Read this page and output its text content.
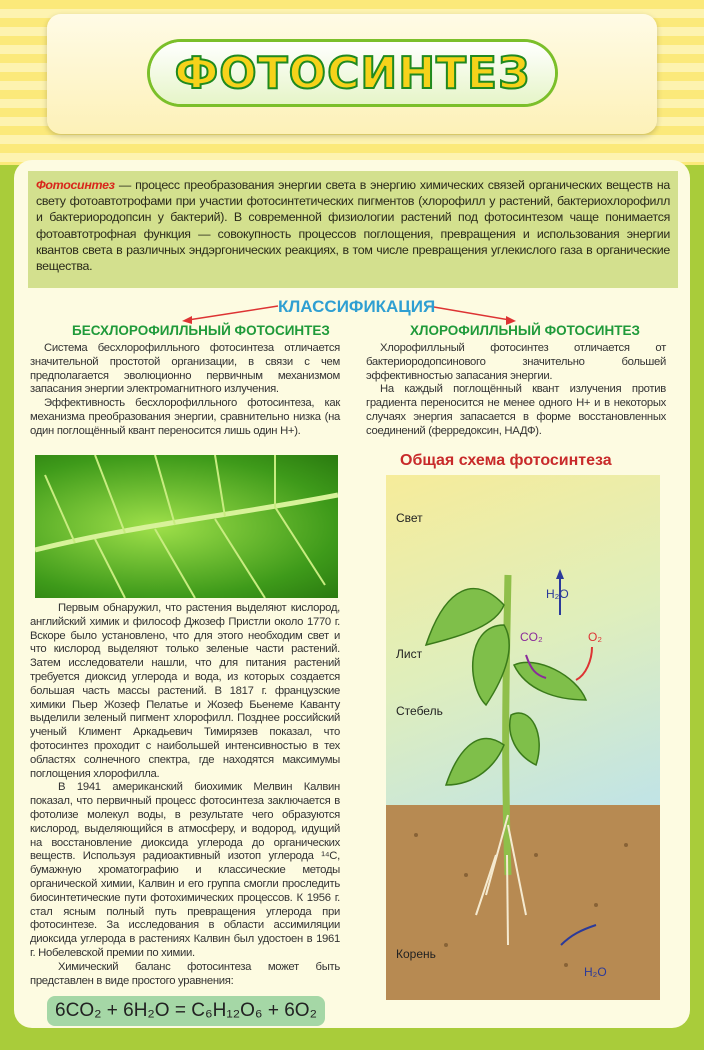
ФОТОСИНТЕЗ
Фотосинтез — процесс преобразования энергии света в энергию химических связей органических веществ на свету фотоавтотрофами при участии фотосинтетических пигментов (хлорофилл у растений, бактериохлорофилл и бактериородопсин у бактерий). В современной физиологии растений под фотосинтезом чаще понимается фотоавтотрофная функция — совокупность процессов поглощения, превращения и использования энергии квантов света в различных эндэргонических реакциях, в том числе превращения углекислого газа в органические вещества.
КЛАССИФИКАЦИЯ
БЕСХЛОРОФИЛЛЬНЫЙ ФОТОСИНТЕЗ

Система бесхлорофилльного фотосинтеза отличается значительной простотой организации, в связи с чем предполагается эволюционно первичным механизмом запасания энергии электромагнитного излучения.

Эффективность бесхлорофилльного фотосинтеза, как механизма преобразования энергии, сравнительно низка (на один поглощённый квант переносится лишь один H+).

ХЛОРОФИЛЛЬНЫЙ ФОТОСИНТЕЗ

Хлорофилльный фотосинтез отличается от бактериородопсинового значительно большей эффективностью запасания энергии.

На каждый поглощённый квант излучения против градиента переносится не менее одного H+ и в некоторых случаях энергия запасается в форме восстановленных соединений (ферредоксин, НАДФ).

Первым обнаружил, что растения выделяют кислород, английский химик и философ Джозеф Пристли около 1770 г. Вскоре было установлено, что для этого необходим свет и что кислород выделяют только зеленые части растений. Затем исследователи нашли, что для питания растений требуется диоксид углерода и вода, из которых создается большая часть массы растений. В 1817 г. французские химики Пьер Жозеф Пелатье и Жозеф Бьенеме Каванту выделили зеленый пигмент хлорофилл. Позднее российский ученый Климент Аркадьевич Тимирязев показал, что фотосинтез проходит с наибольшей интенсивностью в тех областях солнечного спектра, где находятся максимумы поглощения хлорофилла.

В 1941 американский биохимик Мелвин Калвин показал, что первичный процесс фотосинтеза заключается в фотолизе молекул воды, в результате чего образуются кислород, выделяющийся в атмосферу, и водород, идущий на восстановление диоксида углерода до органических веществ. Используя радиоактивный изотоп углерода ¹⁴C, бумажную хроматографию и классические методы органической химии, Калвин и его группа смогли проследить биосинтетические пути фотохимических процессов. К 1956 г. стал ясным полный путь превращения углерода при фотосинтезе. За исследования в области ассимиляции диоксида углерода в растениях Калвин был удостоен в 1961 г. Нобелевской премии по химии.

Химический баланс фотосинтеза может быть представлен в виде простого уравнения:

6CO₂ + 6H₂O = C₆H₁₂O₆ + 6O₂
Общая схема фотосинтеза
Свет
Лист
Стебель
Корень
H₂O
CO₂	O₂
H₂O
